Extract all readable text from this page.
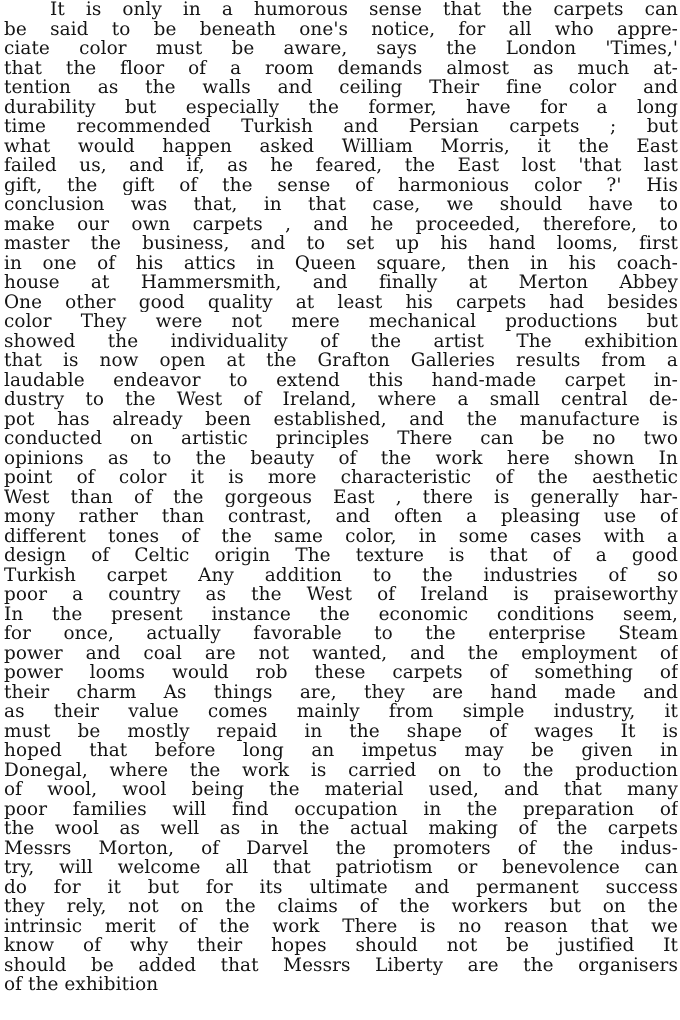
It is only in a humorous sense that the carpets can
be said to be beneath one's notice, for all who appre-
ciate color must be aware, says the London 'Times,'
that the floor of a room demands almost as much at-
tention as the walls and ceiling Their fine color and
durability but especially the former, have for a long
time recommended Turkish and Persian carpets ; but
what would happen asked William Morris, it the East
failed us, and if, as he feared, the East lost 'that last
gift, the gift of the sense of harmonious color ?' His
conclusion was that, in that case, we should have to
make our own carpets , and he proceeded, therefore, to
master the business, and to set up his hand looms, first
in one of his attics in Queen square, then in his coach-
house at Hammersmith, and finally at Merton Abbey
One other good quality at least his carpets had besides
color They were not mere mechanical productions but
showed the individuality of the artist The exhibition
that is now open at the Grafton Galleries results from a
laudable endeavor to extend this hand-made carpet in-
dustry to the West of Ireland, where a small central de-
pot has already been established, and the manufacture is
conducted on artistic principles There can be no two
opinions as to the beauty of the work here shown In
point of color it is more characteristic of the aesthetic
West than of the gorgeous East , there is generally har-
mony rather than contrast, and often a pleasing use of
different tones of the same color, in some cases with a
design of Celtic origin The texture is that of a good
Turkish carpet Any addition to the industries of so
poor a country as the West of Ireland is praiseworthy
In the present instance the economic conditions seem,
for once, actually favorable to the enterprise Steam
power and coal are not wanted, and the employment of
power looms would rob these carpets of something of
their charm As things are, they are hand made and
as their value comes mainly from simple industry, it
must be mostly repaid in the shape of wages It is
hoped that before long an impetus may be given in
Donegal, where the work is carried on to the production
of wool, wool being the material used, and that many
poor families will find occupation in the preparation of
the wool as well as in the actual making of the carpets
Messrs Morton, of Darvel the promoters of the indus-
try, will welcome all that patriotism or benevolence can
do for it but for its ultimate and permanent success
they rely, not on the claims of the workers but on the
intrinsic merit of the work There is no reason that we
know of why their hopes should not be justified It
should be added that Messrs Liberty are the organisers
of the exhibition
